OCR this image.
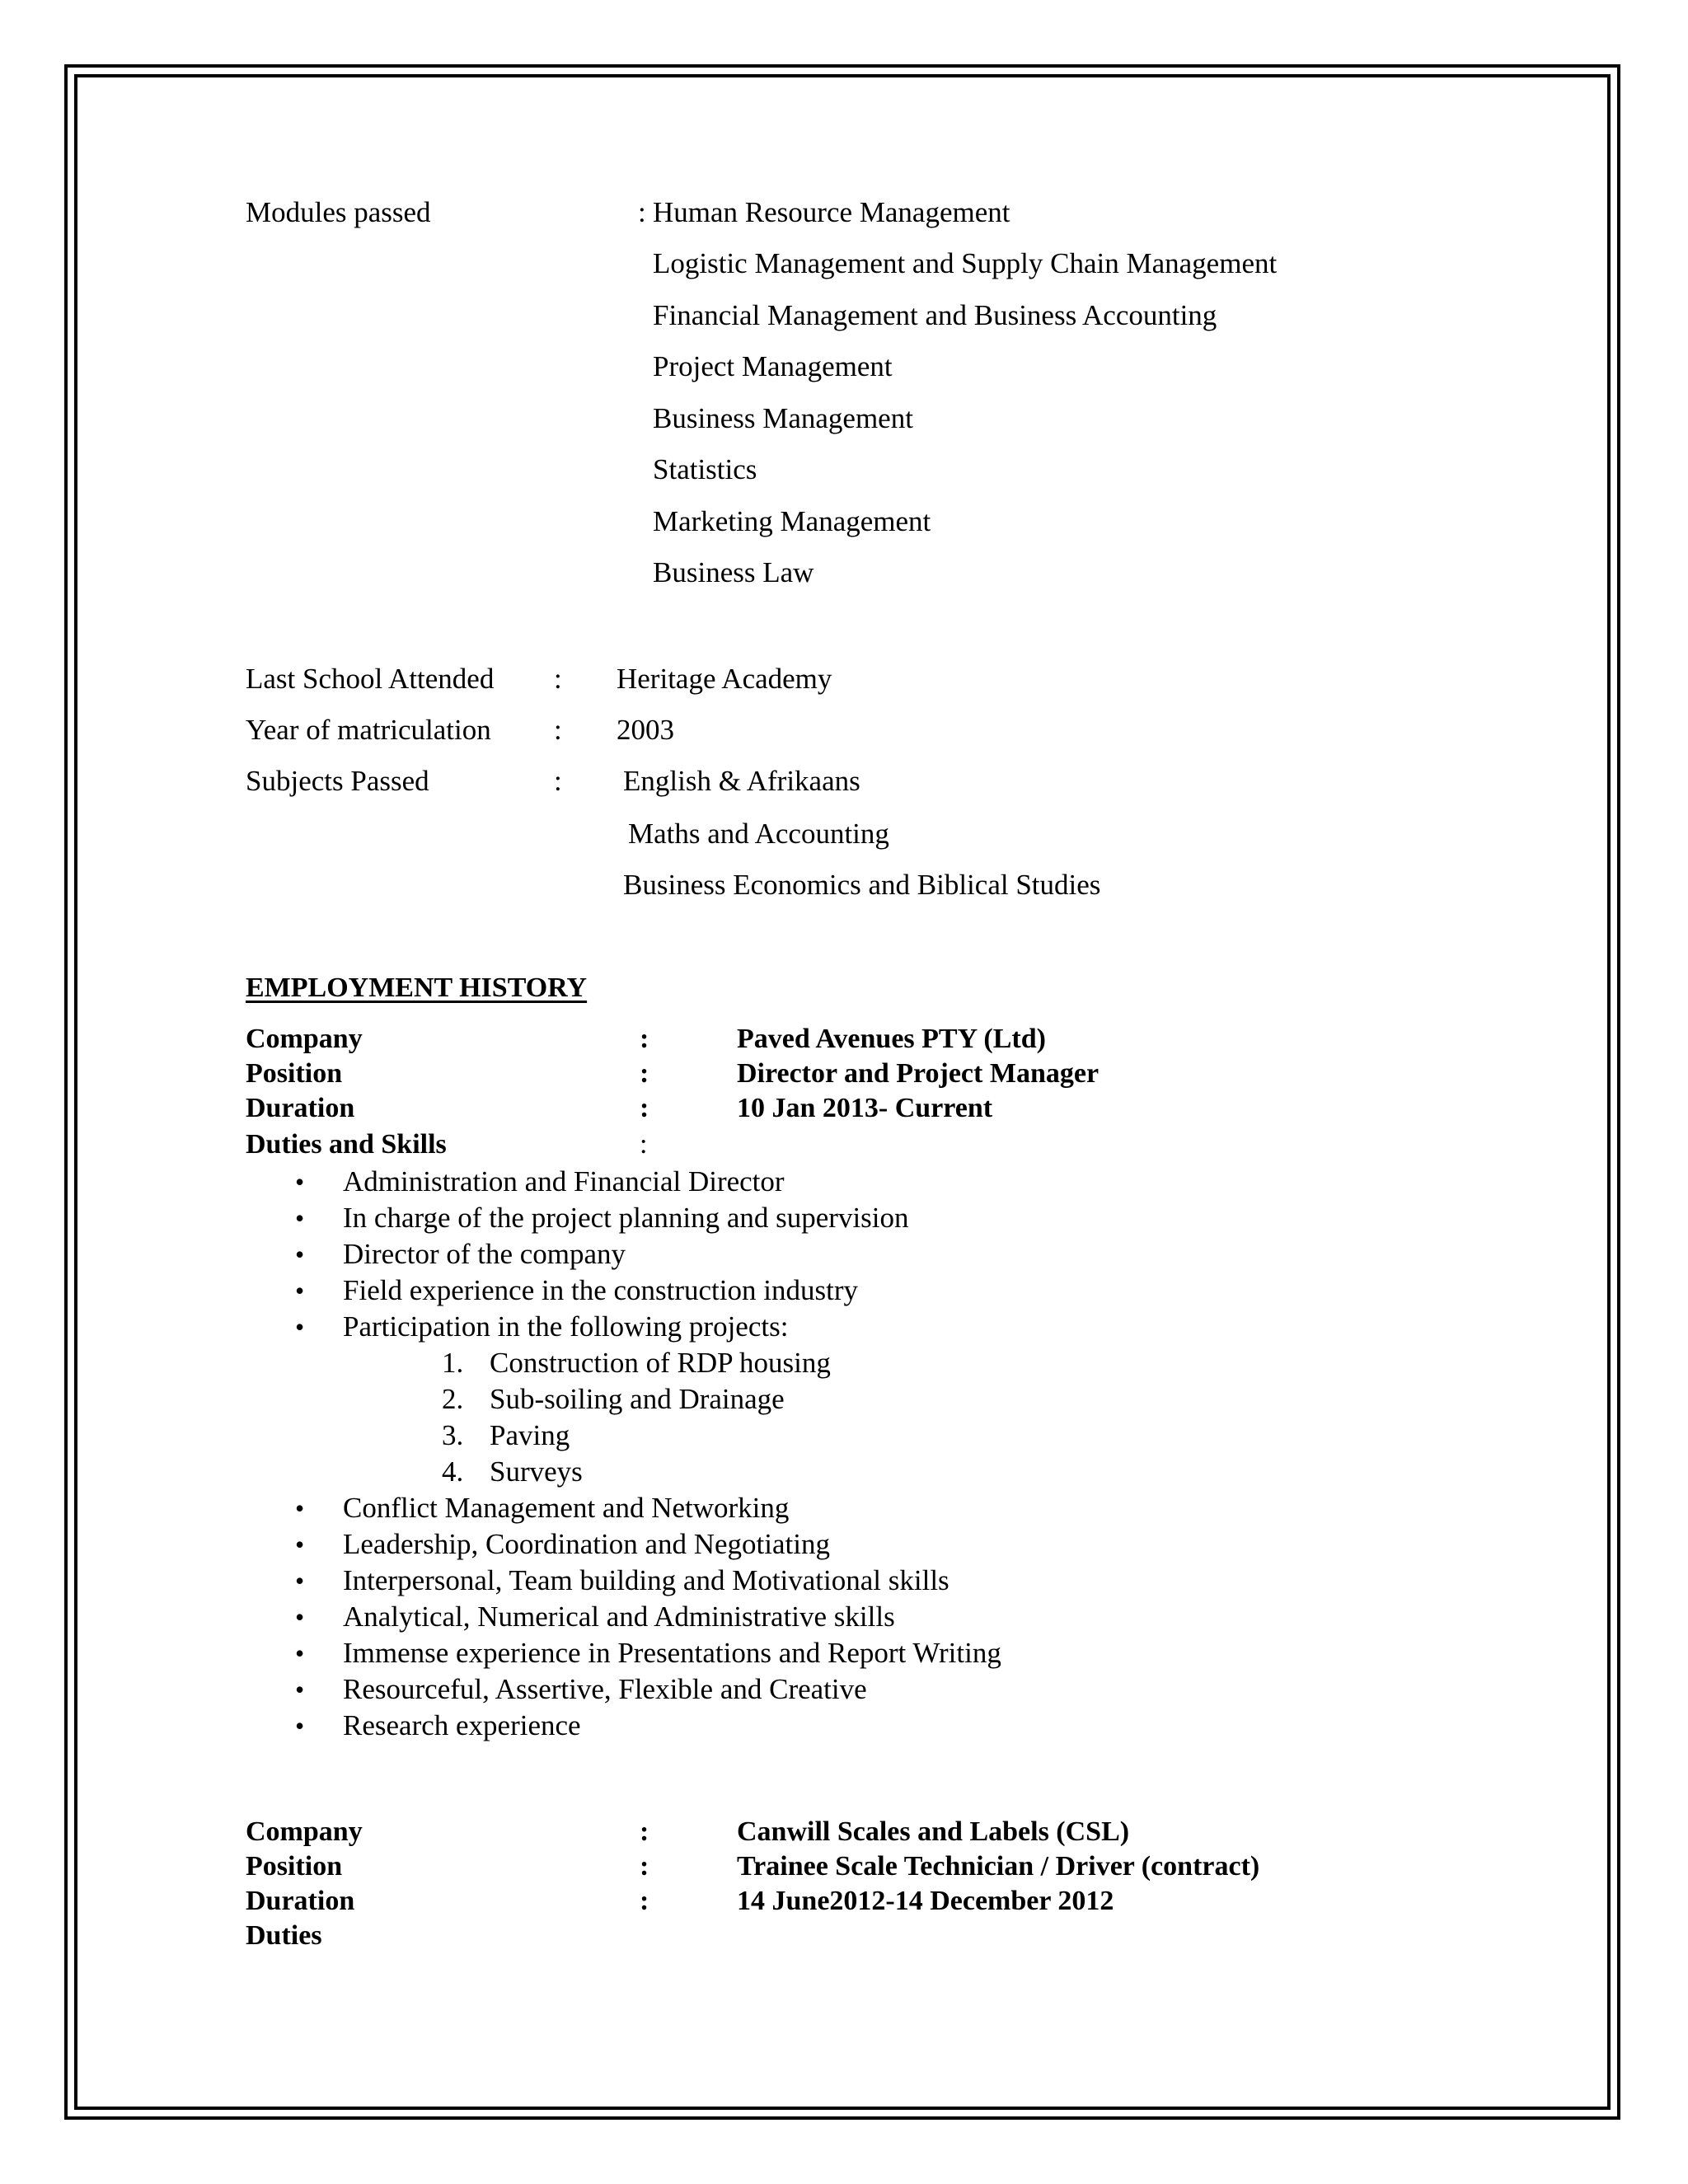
Modules passed	: Human Resource Management
Logistic Management and Supply Chain Management
Financial Management and Business Accounting
Project Management
Business Management
Statistics
Marketing Management
Business Law
Last School Attended : Heritage Academy
Year of matriculation : 2003
Subjects Passed	: English & Afrikaans
Maths and Accounting
Business Economics and Biblical Studies
EMPLOYMENT HISTORY
Company	:	Paved Avenues PTY (Ltd)
Position	:	Director and Project Manager
Duration	:	10 Jan 2013- Current
Duties and Skills	:
• Administration and Financial Director
• In charge of the project planning and supervision
• Director of the company
• Field experience in the construction industry
• Participation in the following projects:
1. Construction of RDP housing
2. Sub-soiling and Drainage
3. Paving
4. Surveys
• Conflict Management and Networking
• Leadership, Coordination and Negotiating
• Interpersonal, Team building and Motivational skills
• Analytical, Numerical and Administrative skills
• Immense experience in Presentations and Report Writing
• Resourceful, Assertive, Flexible and Creative
• Research experience
Company	:	Canwill Scales and Labels (CSL)
Position	:	Trainee Scale Technician / Driver (contract)
Duration	:	14 June2012-14 December 2012
Duties
